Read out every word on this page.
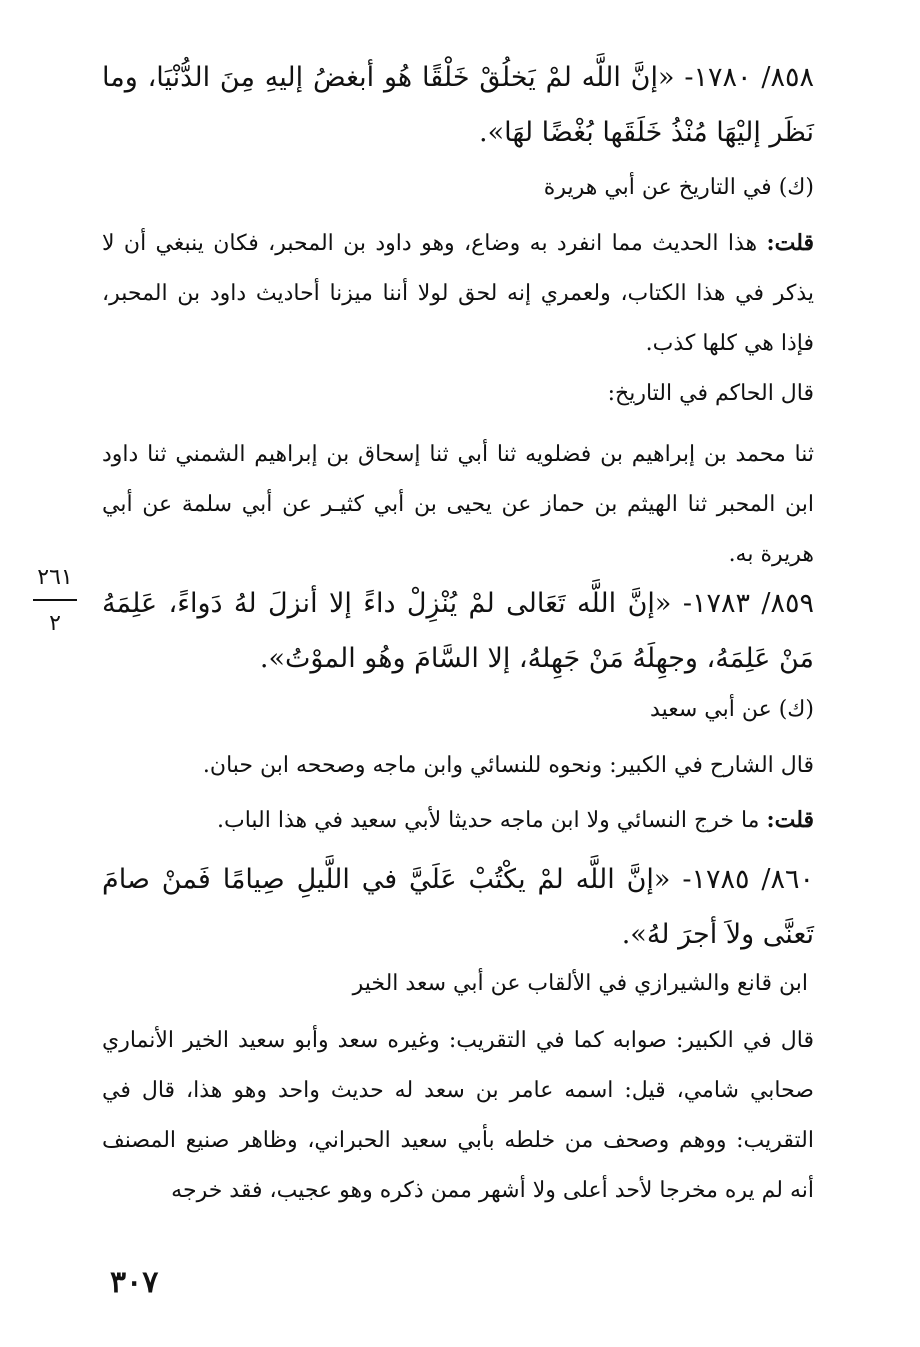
٨٥٨/ ١٧٨٠- «إنَّ اللَّه لمْ يَخلُقْ خَلْقًا هُو أبغضُ إليهِ مِنَ الدُّنْيَا، وما نَظَر إليْهَا مُنْذُ خَلَقَها بُغْضًا لهَا».
(ك) في التاريخ عن أبي هريرة
قلت: هذا الحديث مما انفرد به وضاع، وهو داود بن المحبر، فكان ينبغي أن لا يذكر في هذا الكتاب، ولعمري إنه لحق لولا أننا ميزنا أحاديث داود بن المحبر، فإذا هي كلها كذب.
قال الحاكم في التاريخ:
ثنا محمد بن إبراهيم بن فضلويه ثنا أبي ثنا إسحاق بن إبراهيم الشمني ثنا داود ابن المحبر ثنا الهيثم بن حماز عن يحيى بن أبي كثيـر عن أبي سلمة عن أبي هريرة به.
٢٦١
٢
٨٥٩/ ١٧٨٣- «إنَّ اللَّه تَعَالى لمْ يُنْزِلْ داءً إلا أنزلَ لهُ دَواءً، عَلِمَهُ مَنْ عَلِمَهُ، وجهِلَهُ مَنْ جَهِلهُ، إلا السَّامَ وهُو الموْتُ».
(ك) عن أبي سعيد
قال الشارح في الكبير: ونحوه للنسائي وابن ماجه وصححه ابن حبان.
قلت: ما خرج النسائي ولا ابن ماجه حديثا لأبي سعيد في هذا الباب.
٨٦٠/ ١٧٨٥- «إنَّ اللَّه لمْ يكْتُبْ عَلَيَّ في اللَّيلِ صِيامًا فَمنْ صامَ تَعنَّى ولاَ أجرَ لهُ».
ابن قانع والشيرازي في الألقاب عن أبي سعد الخير
قال في الكبير: صوابه كما في التقريب: وغيره سعد وأبو سعيد الخير الأنماري صحابي شامي، قيل: اسمه عامر بن سعد له حديث واحد وهو هذا، قال في التقريب: ووهم وصحف من خلطه بأبي سعيد الحبراني، وظاهر صنيع المصنف أنه لم يره مخرجا لأحد أعلى ولا أشهر ممن ذكره وهو عجيب، فقد خرجه
٣٠٧
